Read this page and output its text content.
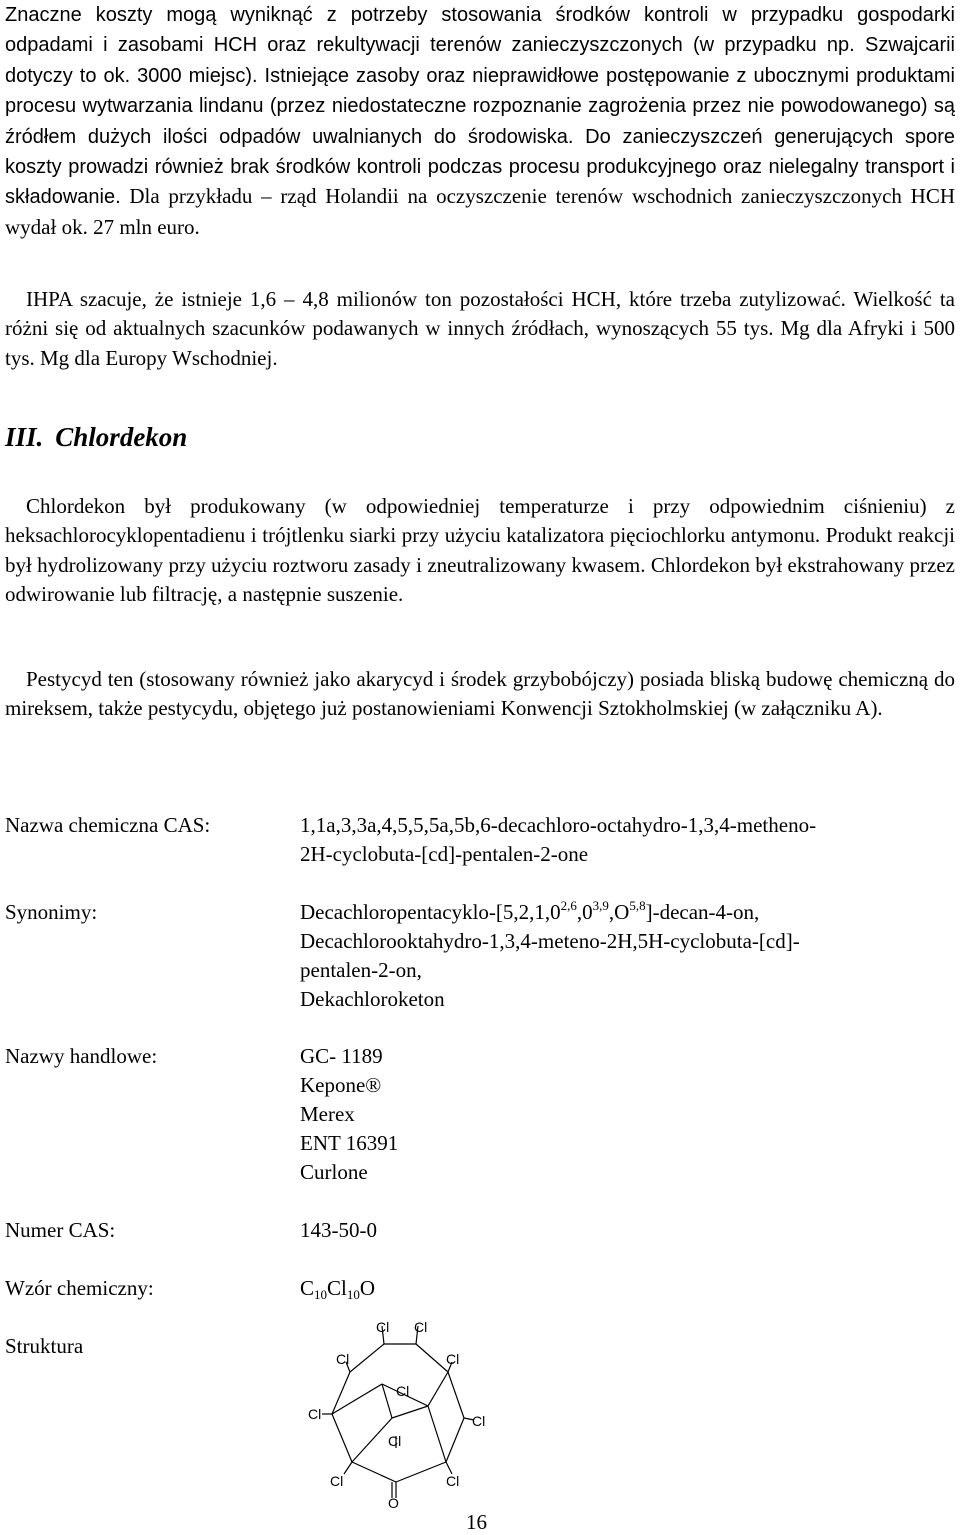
Znaczne koszty mogą wyniknąć z potrzeby stosowania środków kontroli w przypadku gospodarki odpadami i zasobami HCH oraz rekultywacji terenów zanieczyszczonych (w przypadku np. Szwajcarii dotyczy to ok. 3000 miejsc). Istniejące zasoby oraz nieprawidłowe postępowanie z ubocznymi produktami procesu wytwarzania lindanu (przez niedostateczne rozpoznanie zagrożenia przez nie powodowanego) są źródłem dużych ilości odpadów uwalnianych do środowiska. Do zanieczyszczeń generujących spore koszty prowadzi również brak środków kontroli podczas procesu produkcyjnego oraz nielegalny transport i składowanie. Dla przykładu – rząd Holandii na oczyszczenie terenów wschodnich zanieczyszczonych HCH wydał ok. 27 mln euro.

IHPA szacuje, że istnieje 1,6 – 4,8 milionów ton pozostałości HCH, które trzeba zutylizować. Wielkość ta różni się od aktualnych szacunków podawanych w innych źródłach, wynoszących 55 tys. Mg dla Afryki i 500 tys. Mg dla Europy Wschodniej.

III. Chlordekon

Chlordekon był produkowany (w odpowiedniej temperaturze i przy odpowiednim ciśnieniu) z heksachlorocyklopentadienu i trójtlenku siarki przy użyciu katalizatora pięciochlorku antymonu. Produkt reakcji był hydrolizowany przy użyciu roztworu zasady i zneutralizowany kwasem. Chlordekon był ekstrahowany przez odwirowanie lub filtrację, a następnie suszenie.

Pestycyd ten (stosowany również jako akarycyd i środek grzybobójczy) posiada bliską budowę chemiczną do mireksem, także pestycydu, objętego już postanowieniami Konwencji Sztokholmskiej (w załączniku A).

Nazwa chemiczna CAS:	1,1a,3,3a,4,5,5,5a,5b,6-decachloro-octahydro-1,3,4-metheno-
2H-cyclobuta-[cd]-pentalen-2-one
Synonimy:	Decachloropentacyklo-$[5,2,1,0^{2,6},0^{3,9},O^{5,8}]-decan-4-on$,
Decachlorooktahydro-1,3,4-meteno-2H,5H-cyclobuta-[cd]-
pentalen-2-on,
Dekachloroketon
Nazwy handlowe:	GC- 1189
Kepone®
Merex
ENT 16391
Curlone
Numer CAS:	143-50-0
Wzór chemiczny:	$C_{10}Cl_{10}O$
Struktura
Cl Cl
Cl	Cl
Cl
Cl	Cl
Cl
Cl	Cl
O
16
